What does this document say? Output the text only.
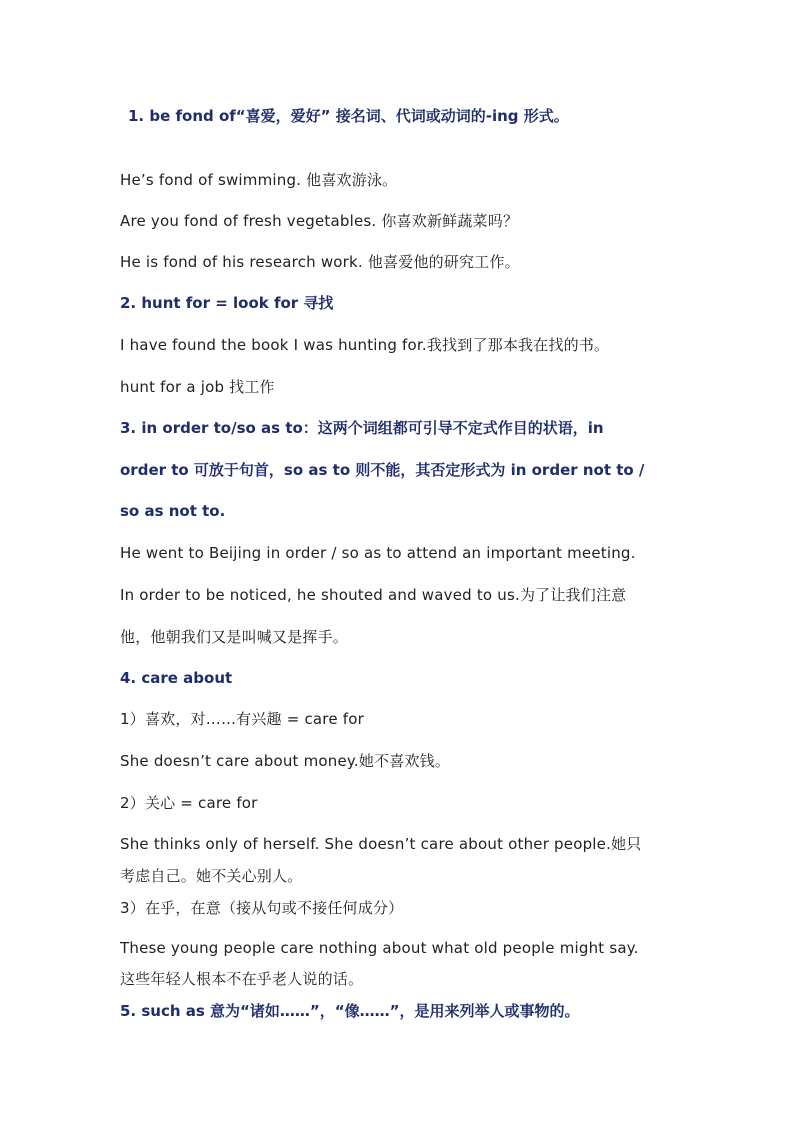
1. be fond of“喜爱，爱好” 接名词、代词或动词的-ing 形式。
He’s fond of swimming. 他喜欢游泳。
Are you fond of fresh vegetables. 你喜欢新鲜蔬菜吗？
He is fond of his research work. 他喜爱他的研究工作。
2. hunt for = look for 寻找
I have found the book I was hunting for.我找到了那本我在找的书。
hunt for a job 找工作
3. in order to/so as to：这两个词组都可引导不定式作目的状语，in
order to 可放于句首，so as to 则不能，其否定形式为 in order not to /
so as not to.
He went to Beijing in order / so as to attend an important meeting.
In order to be noticed, he shouted and waved to us.为了让我们注意
他，他朝我们又是叫喊又是挥手。
4. care about
1）喜欢，对……有兴趣 = care for
She doesn’t care about money.她不喜欢钱。
2）关心 = care for
She thinks only of herself. She doesn’t care about other people.她只
考虑自己。她不关心别人。
3）在乎，在意（接从句或不接任何成分）
These young people care nothing about what old people might say.
这些年轻人根本不在乎老人说的话。
5. such as 意为“诸如……”，“像……”，是用来列举人或事物的。
